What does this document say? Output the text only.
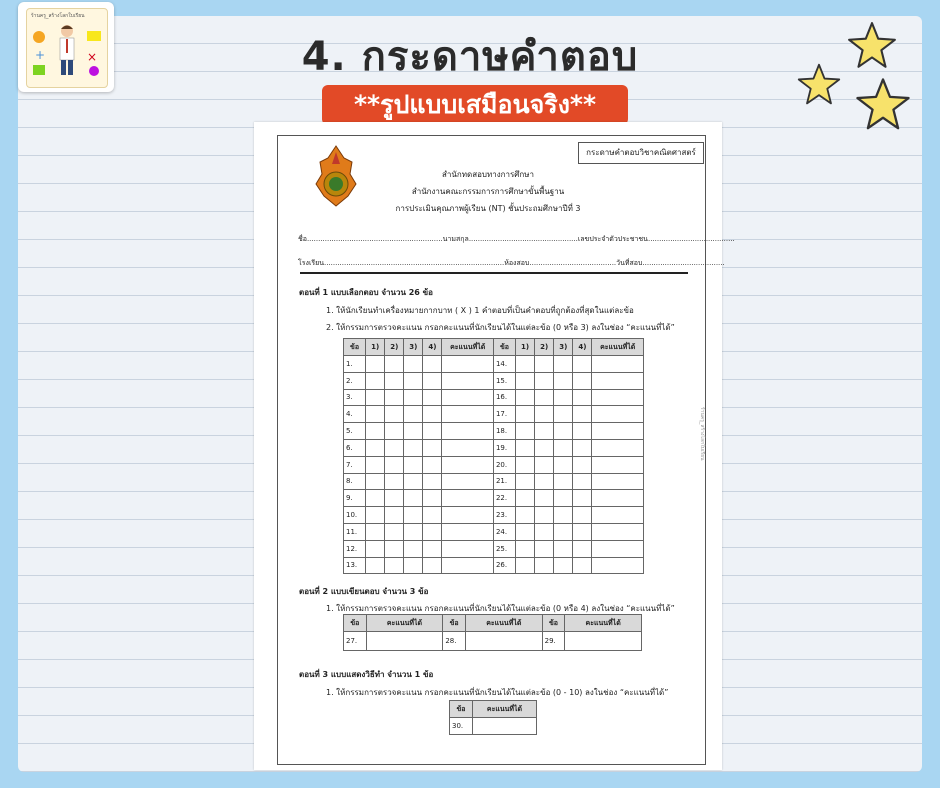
ร้านครู_สร้างโลกใบเรียน
+	×	4. กระดาษคำตอบ
**รูปแบบเสมือนจริง**
กระดาษคำตอบวิชาคณิตศาสตร์
สำนักทดสอบทางการศึกษา
สำนักงานคณะกรรมการการศึกษาขั้นพื้นฐาน
การประเมินคุณภาพผู้เรียน (NT) ชั้นประถมศึกษาปีที่ 3
ชื่อ.............................................................นามสกุล.................................................เลขประจำตัวประชาชน.......................................
โรงเรียน.................................................................................ห้องสอบ.......................................วันที่สอบ.....................................
ตอนที่ 1 แบบเลือกตอบ จำนวน 26 ข้อ
1. ให้นักเรียนทำเครื่องหมายกากบาท ( X ) 1 คำตอบที่เป็นคำตอบที่ถูกต้องที่สุดในแต่ละข้อ
2. ให้กรรมการตรวจคะแนน กรอกคะแนนที่นักเรียนได้ในแต่ละข้อ (0 หรือ 3) ลงในช่อง “คะแนนที่ได้”
ข้อ	1)	2)	3)	4)	คะแนนที่ได้	ข้อ	1)	2)	3)	4)	คะแนนที่ได้
1.						14.					
2.						15.					
3.						16.					
4.						17.					
5.						18.					
6.						19.					
7.						20.					
8.						21.					
9.						22.					
10.						23.					
11.						24.					
12.						25.					
13.						26.					
ตอนที่ 2 แบบเขียนตอบ จำนวน 3 ข้อ
1. ให้กรรมการตรวจคะแนน กรอกคะแนนที่นักเรียนได้ในแต่ละข้อ (0 หรือ 4) ลงในช่อง “คะแนนที่ได้”
ข้อ	คะแนนที่ได้	ข้อ	คะแนนที่ได้	ข้อ	คะแนนที่ได้
27.		28.		29.	
ตอนที่ 3 แบบแสดงวิธีทำ จำนวน 1 ข้อ
1. ให้กรรมการตรวจคะแนน กรอกคะแนนที่นักเรียนได้ในแต่ละข้อ (0 - 10) ลงในช่อง “คะแนนที่ได้”
ข้อ	คะแนนที่ได้
30.	
ร้านครู_สร้างโลกใบเรียน
